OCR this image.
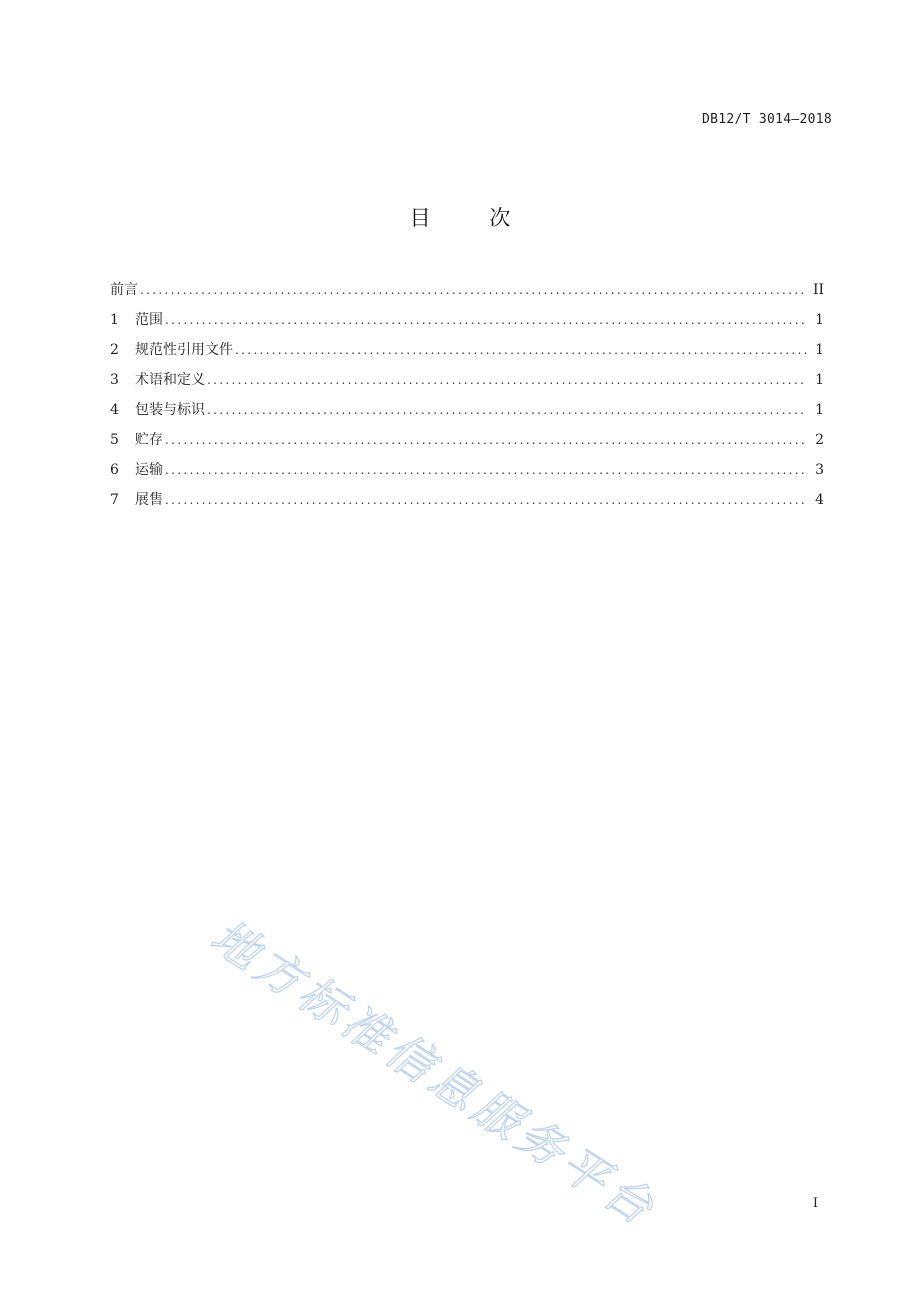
DB12/T 3014—2018
目 次
前言 .....	II
1	范围 .....	1
2	规范性引用文件 .....	1
3	术语和定义 .....	1
4	包装与标识 .....	1
5	贮存 .....	2
6	运输 .....	3
7	展售 .....	4
地方标准信息服务平台	I
